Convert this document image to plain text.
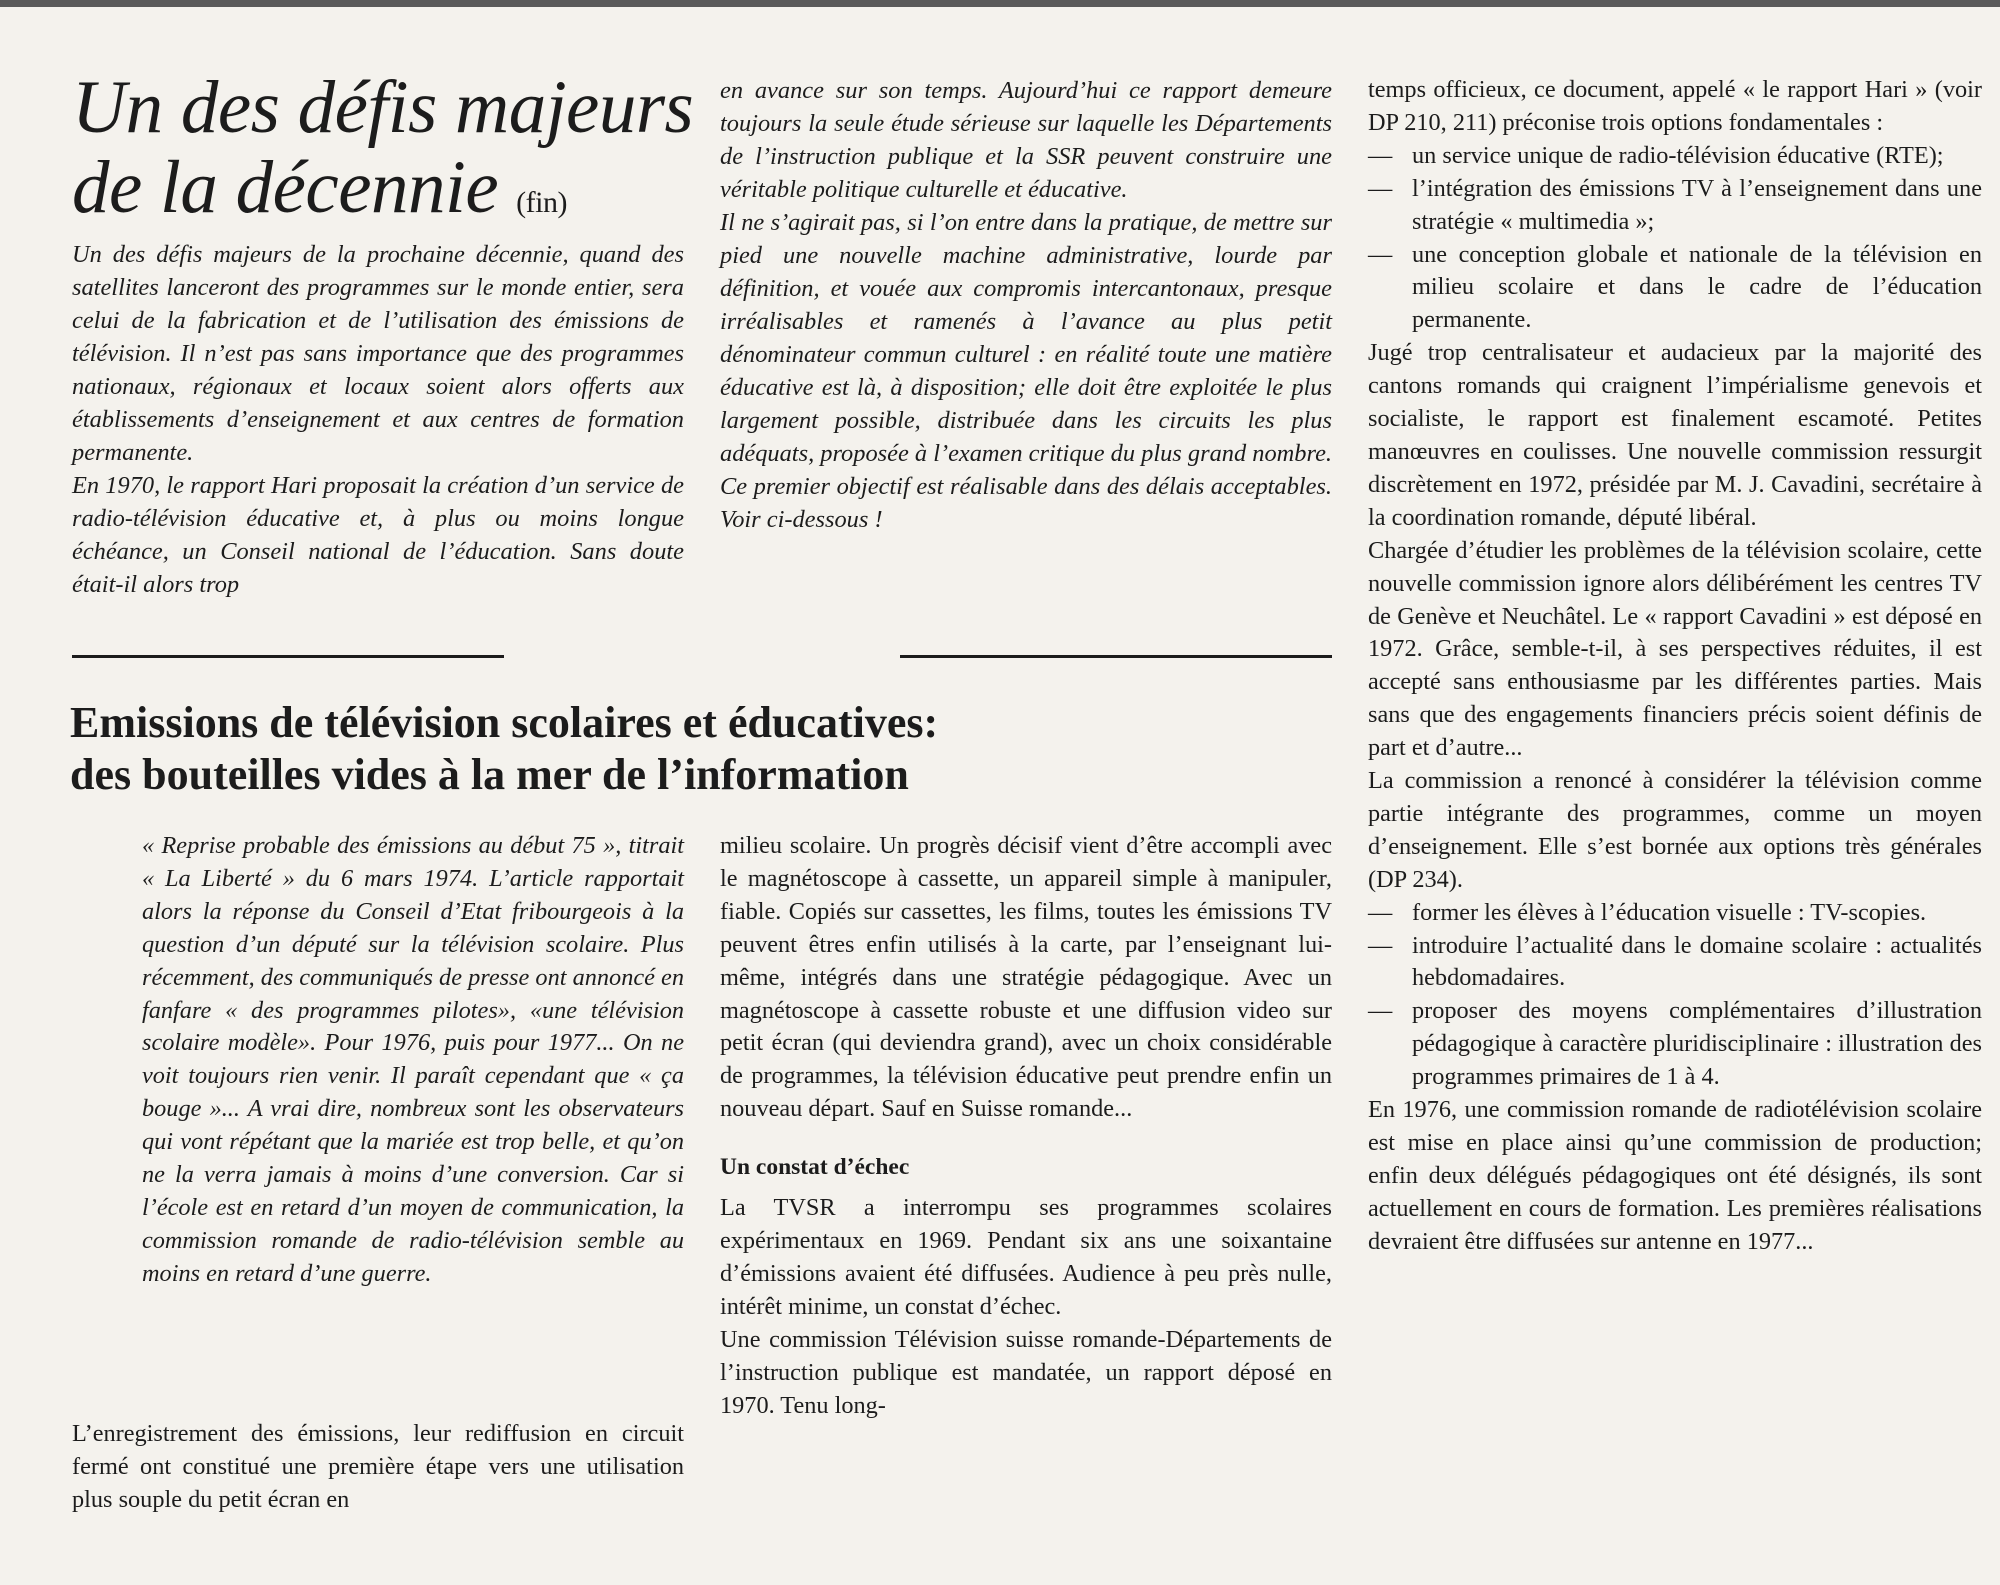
Un des défis majeurs
de la décennie (fin)

Un des défis majeurs de la prochaine décennie, quand des satellites lanceront des programmes sur le monde entier, sera celui de la fabrication et de l’utilisation des émissions de télévision. Il n’est pas sans importance que des programmes nationaux, régionaux et locaux soient alors offerts aux établissements d’enseignement et aux centres de formation permanente.

En 1970, le rapport Hari proposait la création d’un service de radio-télévision éducative et, à plus ou moins longue échéance, un Conseil national de l’éducation. Sans doute était-il alors trop

en avance sur son temps. Aujourd’hui ce rapport demeure toujours la seule étude sérieuse sur laquelle les Départements de l’instruction publique et la SSR peuvent construire une véritable politique culturelle et éducative.

Il ne s’agirait pas, si l’on entre dans la pratique, de mettre sur pied une nouvelle machine administrative, lourde par définition, et vouée aux compromis intercantonaux, presque irréalisables et ramenés à l’avance au plus petit dénominateur commun culturel : en réalité toute une matière éducative est là, à disposition; elle doit être exploitée le plus largement possible, distribuée dans les circuits les plus adéquats, proposée à l’examen critique du plus grand nombre. Ce premier objectif est réalisable dans des délais acceptables. Voir ci-dessous !

Emissions de télévision scolaires et éducatives:
des bouteilles vides à la mer de l’information

« Reprise probable des émissions au début 75 », titrait « La Liberté » du 6 mars 1974. L’article rapportait alors la réponse du Conseil d’Etat fribourgeois à la question d’un député sur la télévision scolaire. Plus récemment, des communiqués de presse ont annoncé en fanfare « des programmes pilotes», «une télévision scolaire modèle». Pour 1976, puis pour 1977... On ne voit toujours rien venir. Il paraît cependant que « ça bouge »... A vrai dire, nombreux sont les observateurs qui vont répétant que la mariée est trop belle, et qu’on ne la verra jamais à moins d’une conversion. Car si l’école est en retard d’un moyen de communication, la commission romande de radio-télévision semble au moins en retard d’une guerre.

L’enregistrement des émissions, leur rediffusion en circuit fermé ont constitué une première étape vers une utilisation plus souple du petit écran en

milieu scolaire. Un progrès décisif vient d’être accompli avec le magnétoscope à cassette, un appareil simple à manipuler, fiable. Copiés sur cassettes, les films, toutes les émissions TV peuvent êtres enfin utilisés à la carte, par l’enseignant lui-même, intégrés dans une stratégie pédagogique. Avec un magnétoscope à cassette robuste et une diffusion video sur petit écran (qui deviendra grand), avec un choix considérable de programmes, la télévision éducative peut prendre enfin un nouveau départ. Sauf en Suisse romande...

Un constat d’échec

La TVSR a interrompu ses programmes scolaires expérimentaux en 1969. Pendant six ans une soixantaine d’émissions avaient été diffusées. Audience à peu près nulle, intérêt minime, un constat d’échec.

Une commission Télévision suisse romande-Départements de l’instruction publique est mandatée, un rapport déposé en 1970. Tenu long-

temps officieux, ce document, appelé « le rapport Hari » (voir DP 210, 211) préconise trois options fondamentales :

— un service unique de radio-télévision éducative (RTE);
— l’intégration des émissions TV à l’enseignement dans une stratégie « multimedia »;
— une conception globale et nationale de la télévision en milieu scolaire et dans le cadre de l’éducation permanente.

Jugé trop centralisateur et audacieux par la majorité des cantons romands qui craignent l’impérialisme genevois et socialiste, le rapport est finalement escamoté. Petites manœuvres en coulisses. Une nouvelle commission ressurgit discrètement en 1972, présidée par M. J. Cavadini, secrétaire à la coordination romande, député libéral.

Chargée d’étudier les problèmes de la télévision scolaire, cette nouvelle commission ignore alors délibérément les centres TV de Genève et Neuchâtel. Le « rapport Cavadini » est déposé en 1972. Grâce, semble-t-il, à ses perspectives réduites, il est accepté sans enthousiasme par les différentes parties. Mais sans que des engagements financiers précis soient définis de part et d’autre...

La commission a renoncé à considérer la télévision comme partie intégrante des programmes, comme un moyen d’enseignement. Elle s’est bornée aux options très générales (DP 234).

— former les élèves à l’éducation visuelle : TV-scopies.
— introduire l’actualité dans le domaine scolaire : actualités hebdomadaires.
— proposer des moyens complémentaires d’illustration pédagogique à caractère pluridisciplinaire : illustration des programmes primaires de 1 à 4.

En 1976, une commission romande de radiotélévision scolaire est mise en place ainsi qu’une commission de production; enfin deux délégués pédagogiques ont été désignés, ils sont actuellement en cours de formation. Les premières réalisations devraient être diffusées sur antenne en 1977...
